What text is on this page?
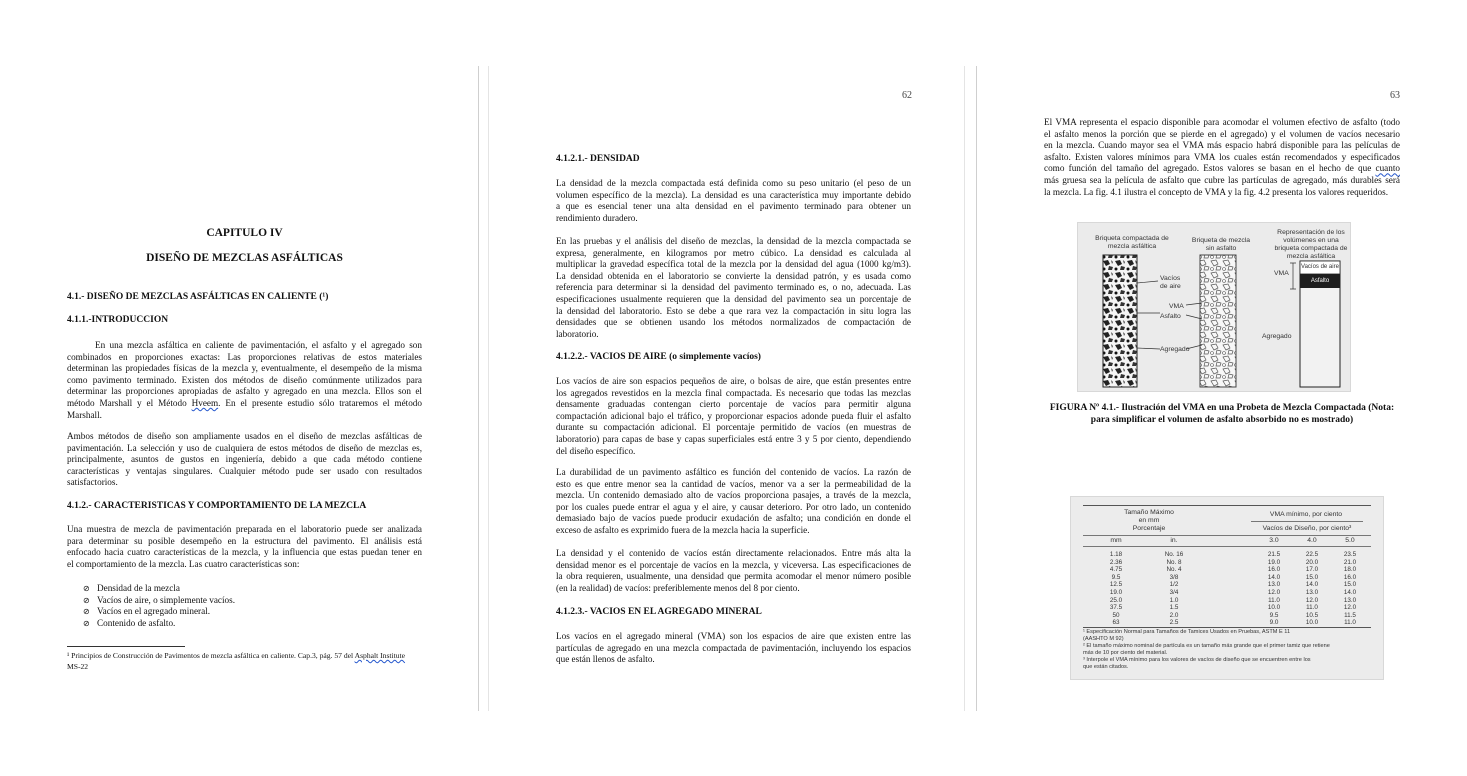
CAPITULO IV
DISEÑO DE MEZCLAS ASFÁLTICAS
4.1.- DISEÑO DE MEZCLAS ASFÁLTICAS EN CALIENTE (¹)
4.1.1.-INTRODUCCION
En una mezcla asfáltica en caliente de pavimentación, el asfalto y el agregado son
combinados en proporciones exactas: Las proporciones relativas de estos materiales
determinan las propiedades físicas de la mezcla y, eventualmente, el desempeño de la misma
como pavimento terminado. Existen dos métodos de diseño comúnmente utilizados para
determinar las proporciones apropiadas de asfalto y agregado en una mezcla. Ellos son el
método Marshall y el Método Hveem. En el presente estudio sólo trataremos el método
Marshall.
Ambos métodos de diseño son ampliamente usados en el diseño de mezclas asfálticas de
pavimentación. La selección y uso de cualquiera de estos métodos de diseño de mezclas es,
principalmente, asuntos de gustos en ingeniería, debido a que cada método contiene
características y ventajas singulares. Cualquier método pude ser usado con resultados
satisfactorios.
4.1.2.- CARACTERISTICAS Y COMPORTAMIENTO DE LA MEZCLA
Una muestra de mezcla de pavimentación preparada en el laboratorio puede ser analizada
para determinar su posible desempeño en la estructura del pavimento. El análisis está
enfocado hacia cuatro características de la mezcla, y la influencia que estas puedan tener en
el comportamiento de la mezcla. Las cuatro características son:
⊘ Densidad de la mezcla
⊘ Vacíos de aire, o simplemente vacíos.
⊘ Vacíos en el agregado mineral.
⊘ Contenido de asfalto.
¹ Principios de Construcción de Pavimentos de mezcla asfáltica en caliente. Cap.3, pág. 57 del Asphalt Institute
MS-22
62
4.1.2.1.- DENSIDAD
La densidad de la mezcla compactada está definida como su peso unitario (el peso de un
volumen específico de la mezcla). La densidad es una característica muy importante debido
a que es esencial tener una alta densidad en el pavimento terminado para obtener un
rendimiento duradero.
En las pruebas y el análisis del diseño de mezclas, la densidad de la mezcla compactada se
expresa, generalmente, en kilogramos por metro cúbico. La densidad es calculada al
multiplicar la gravedad específica total de la mezcla por la densidad del agua (1000 kg/m3).
La densidad obtenida en el laboratorio se convierte la densidad patrón, y es usada como
referencia para determinar si la densidad del pavimento terminado es, o no, adecuada. Las
especificaciones usualmente requieren que la densidad del pavimento sea un porcentaje de
la densidad del laboratorio. Esto se debe a que rara vez la compactación in situ logra las
densidades que se obtienen usando los métodos normalizados de compactación de
laboratorio.
4.1.2.2.- VACIOS DE AIRE (o simplemente vacíos)
Los vacíos de aire son espacios pequeños de aire, o bolsas de aire, que están presentes entre
los agregados revestidos en la mezcla final compactada. Es necesario que todas las mezclas
densamente graduadas contengan cierto porcentaje de vacíos para permitir alguna
compactación adicional bajo el tráfico, y proporcionar espacios adonde pueda fluir el asfalto
durante su compactación adicional. El porcentaje permitido de vacíos (en muestras de
laboratorio) para capas de base y capas superficiales está entre 3 y 5 por ciento, dependiendo
del diseño específico.
La durabilidad de un pavimento asfáltico es función del contenido de vacíos. La razón de
esto es que entre menor sea la cantidad de vacíos, menor va a ser la permeabilidad de la
mezcla. Un contenido demasiado alto de vacíos proporciona pasajes, a través de la mezcla,
por los cuales puede entrar el agua y el aire, y causar deterioro. Por otro lado, un contenido
demasiado bajo de vacíos puede producir exudación de asfalto; una condición en donde el
exceso de asfalto es exprimido fuera de la mezcla hacia la superficie.
La densidad y el contenido de vacíos están directamente relacionados. Entre más alta la
densidad menor es el porcentaje de vacíos en la mezcla, y viceversa. Las especificaciones de
la obra requieren, usualmente, una densidad que permita acomodar el menor número posible
(en la realidad) de vacíos: preferiblemente menos del 8 por ciento.
4.1.2.3.- VACIOS EN EL AGREGADO MINERAL
Los vacíos en el agregado mineral (VMA) son los espacios de aire que existen entre las
partículas de agregado en una mezcla compactada de pavimentación, incluyendo los espacios
que están llenos de asfalto.
63
El VMA representa el espacio disponible para acomodar el volumen efectivo de asfalto (todo
el asfalto menos la porción que se pierde en el agregado) y el volumen de vacíos necesario
en la mezcla. Cuando mayor sea el VMA más espacio habrá disponible para las películas de
asfalto. Existen valores mínimos para VMA los cuales están recomendados y especificados
como función del tamaño del agregado. Estos valores se basan en el hecho de que cuanto
más gruesa sea la película de asfalto que cubre las partículas de agregado, más durables será
la mezcla. La fig. 4.1 ilustra el concepto de VMA y la fig. 4.2 presenta los valores requeridos.
Briqueta compactada de mezcla asfáltica
Briqueta de mezcla sin asfalto
Representación de los volúmenes en una briqueta compactada de mezcla asfáltica
Vacíos de aire
VMA
Asfalto
Agregado
Vacíos de aire
Asfalto
VMA
Agregado
FIGURA Nº 4.1.- Ilustración del VMA en una Probeta de Mezcla Compactada (Nota:
para simplificar el volumen de asfalto absorbido no es mostrado)
Tamaño Máximo en mm Porcentaje
VMA mínimo, por ciento
Vacíos de Diseño, por ciento³
mm	in.	3.0	4.0	5.0
1.18	No. 16	21.5	22.5	23.5
2.36	No. 8	19.0	20.0	21.0
4.75	No. 4	16.0	17.0	18.0
9.5	3/8	14.0	15.0	16.0
12.5	1/2	13.0	14.0	15.0
19.0	3/4	12.0	13.0	14.0
25.0	1.0	11.0	12.0	13.0
37.5	1.5	10.0	11.0	12.0
50	2.0	9.5	10.5	11.5
63	2.5	9.0	10.0	11.0
¹ Especificación Normal para Tamaños de Tamices Usados en Pruebas, ASTM E 11
(AASHTO M 92)
² El tamaño máximo nominal de partícula es un tamaño más grande que el primer tamiz que retiene
más de 10 por ciento del material.
³ Interpole el VMA mínimo para los valores de vacíos de diseño que se encuentren entre los
que están citados.
